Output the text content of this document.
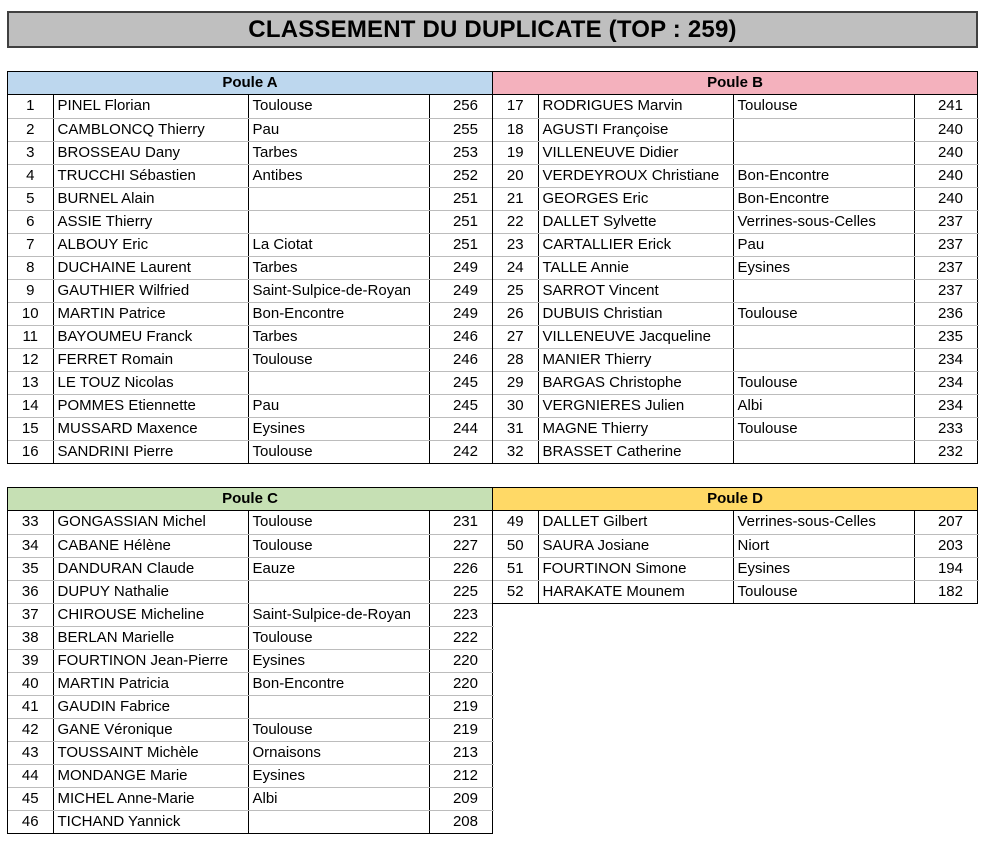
CLASSEMENT DU DUPLICATE (TOP : 259)
Poule A
1	PINEL Florian	Toulouse	256
2	CAMBLONCQ Thierry	Pau	255
3	BROSSEAU Dany	Tarbes	253
4	TRUCCHI Sébastien	Antibes	252
5	BURNEL Alain		251
6	ASSIE Thierry		251
7	ALBOUY Eric	La Ciotat	251
8	DUCHAINE Laurent	Tarbes	249
9	GAUTHIER Wilfried	Saint-Sulpice-de-Royan	249
10	MARTIN Patrice	Bon-Encontre	249
11	BAYOUMEU Franck	Tarbes	246
12	FERRET Romain	Toulouse	246
13	LE TOUZ Nicolas		245
14	POMMES Etiennette	Pau	245
15	MUSSARD Maxence	Eysines	244
16	SANDRINI Pierre	Toulouse	242
Poule B
17	RODRIGUES Marvin	Toulouse	241
18	AGUSTI Françoise		240
19	VILLENEUVE Didier		240
20	VERDEYROUX Christiane	Bon-Encontre	240
21	GEORGES Eric	Bon-Encontre	240
22	DALLET Sylvette	Verrines-sous-Celles	237
23	CARTALLIER Erick	Pau	237
24	TALLE Annie	Eysines	237
25	SARROT Vincent		237
26	DUBUIS Christian	Toulouse	236
27	VILLENEUVE Jacqueline		235
28	MANIER Thierry		234
29	BARGAS Christophe	Toulouse	234
30	VERGNIERES Julien	Albi	234
31	MAGNE Thierry	Toulouse	233
32	BRASSET Catherine		232
Poule C
33	GONGASSIAN Michel	Toulouse	231
34	CABANE Hélène	Toulouse	227
35	DANDURAN Claude	Eauze	226
36	DUPUY Nathalie		225
37	CHIROUSE Micheline	Saint-Sulpice-de-Royan	223
38	BERLAN Marielle	Toulouse	222
39	FOURTINON Jean-Pierre	Eysines	220
40	MARTIN Patricia	Bon-Encontre	220
41	GAUDIN Fabrice		219
42	GANE Véronique	Toulouse	219
43	TOUSSAINT Michèle	Ornaisons	213
44	MONDANGE Marie	Eysines	212
45	MICHEL Anne-Marie	Albi	209
46	TICHAND Yannick		208
Poule D
49	DALLET Gilbert	Verrines-sous-Celles	207
50	SAURA Josiane	Niort	203
51	FOURTINON Simone	Eysines	194
52	HARAKATE Mounem	Toulouse	182
